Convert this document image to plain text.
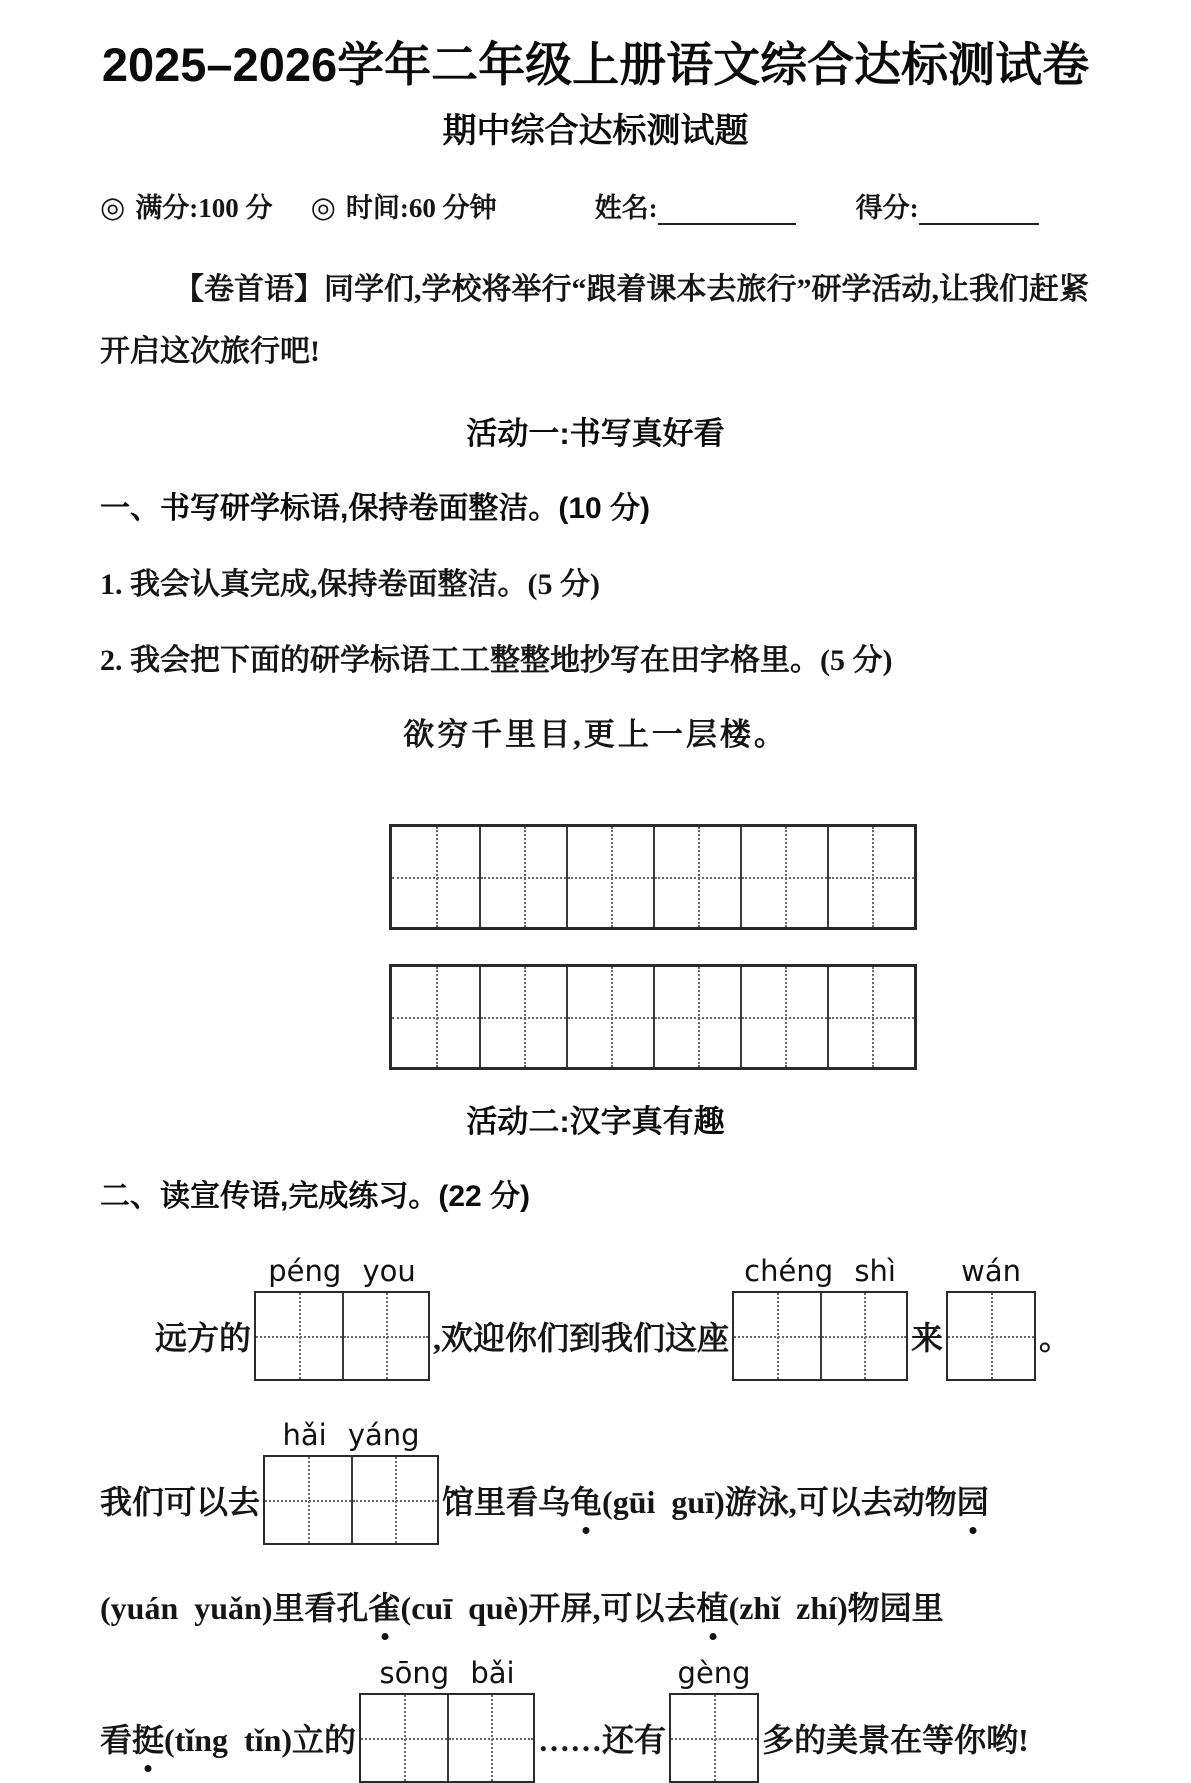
2025–2026学年二年级上册语文综合达标测试卷
期中综合达标测试题
◎ 满分:100 分 ◎ 时间:60 分钟	姓名:	得分:

【卷首语】同学们,学校将举行“跟着课本去旅行”研学活动,让我们赶紧开启这次旅行吧!

活动一:书写真好看
一、书写研学标语,保持卷面整洁。(10 分)
1. 我会认真完成,保持卷面整洁。(5 分)
2. 我会把下面的研学标语工工整整地抄写在田字格里。(5 分)
欲穷千里目,更上一层楼。
活动二:汉字真有趣
二、读宣传语,完成练习。(22 分)
远方的
péng you
,欢迎你们到我们这座
chéng shì
来
wán
。
我们可以去
hǎi yáng
馆里看乌 龟 (gūi  guī)游泳,可以去动物 园
(yuán  yuǎn)里看孔 雀 (cuī  què)开屏,可以去 植 (zhǐ  zhí)物园里
看 挺 (tǐng  tǐn)立的
sōng bǎi
……还有
gèng
多的美景在等你哟!
